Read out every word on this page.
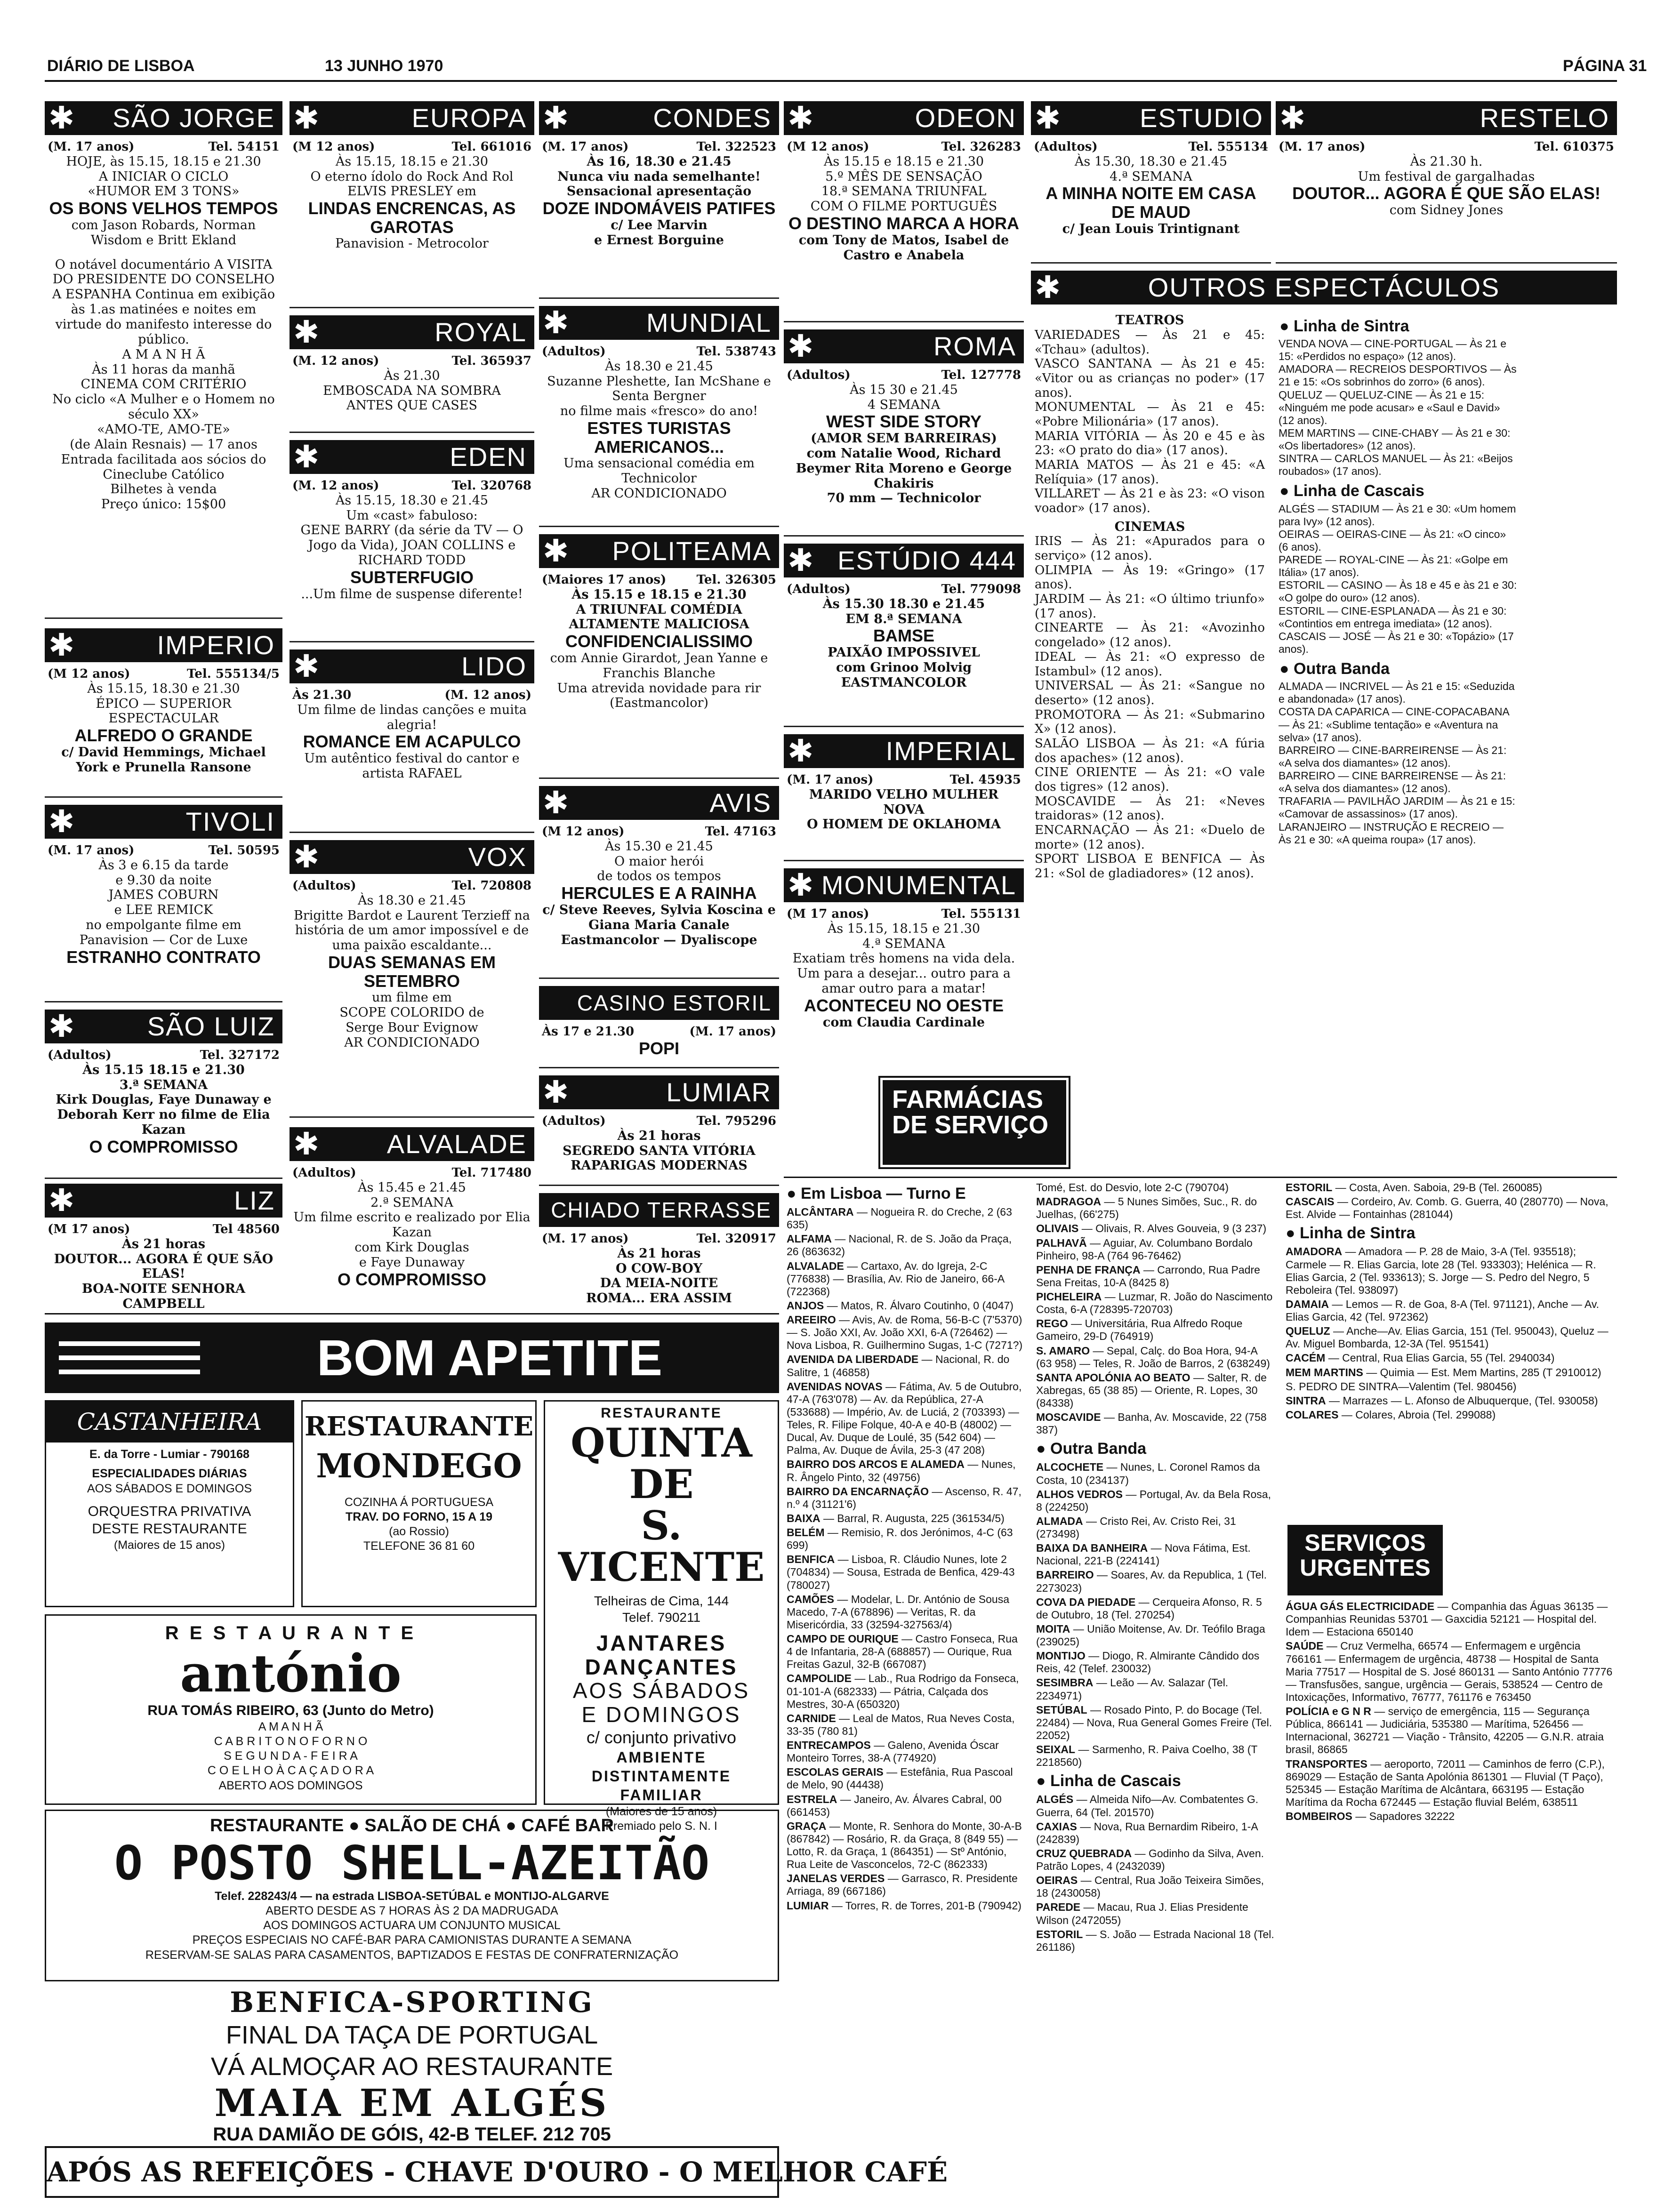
DIÁRIO DE LISBOA	13 JUNHO 1970	PÁGINA 31
✱ SÃO JORGE
(M. 17 anos)	Tel. 54151
HOJE, às 15.15, 18.15 e 21.30
A INICIAR O CICLO
«HUMOR EM 3 TONS»
OS BONS VELHOS TEMPOS
com Jason Robards, Norman Wisdom e Britt Ekland
O notável documentário A VISITA DO PRESIDENTE DO CONSELHO A ESPANHA Continua em exibição às 1.as matinées e noites em virtude do manifesto interesse do público.
A M A N H Ã
Às 11 horas da manhã
CINEMA COM CRITÉRIO
No ciclo «A Mulher e o Homem no século XX»
«AMO-TE, AMO-TE»
(de Alain Resnais) — 17 anos Entrada facilitada aos sócios do Cineclube Católico
Bilhetes à venda
Preço único: 15$00
✱	IMPERIO
(M 12 anos)	Tel. 555134/5
Às 15.15, 18.30 e 21.30
ÉPICO — SUPERIOR
ESPECTACULAR
ALFREDO O GRANDE
c/ David Hemmings, Michael York e Prunella Ransone
✱	TIVOLI
(M. 17 anos)	Tel. 50595
Às 3 e 6.15 da tarde
e 9.30 da noite
JAMES COBURN
e LEE REMICK
no empolgante filme em
Panavision — Cor de Luxe
ESTRANHO CONTRATO
✱	SÃO LUIZ
(Adultos)	Tel. 327172
Às 15.15 18.15 e 21.30
3.ª SEMANA
Kirk Douglas, Faye Dunaway e Deborah Kerr no filme de Elia Kazan
O COMPROMISSO
✱	LIZ
(M 17 anos)	Tel 48560
Às 21 horas
DOUTOR... AGORA É QUE SÃO ELAS!
BOA-NOITE SENHORA CAMPBELL
✱	EUROPA
(M 12 anos)	Tel. 661016
Às 15.15, 18.15 e 21.30
O eterno ídolo do Rock And Rol
ELVIS PRESLEY em
LINDAS ENCRENCAS, AS GAROTAS
Panavision - Metrocolor
✱	ROYAL
(M. 12 anos)	Tel. 365937
Às 21.30
EMBOSCADA NA SOMBRA
ANTES QUE CASES
✱	EDEN
(M. 12 anos)	Tel. 320768
Às 15.15, 18.30 e 21.45
Um «cast» fabuloso:
GENE BARRY (da série da TV — O Jogo da Vida), JOAN COLLINS e RICHARD TODD
SUBTERFUGIO
...Um filme de suspense diferente!
✱	LIDO
Às 21.30	(M. 12 anos)
Um filme de lindas canções e muita alegria!
ROMANCE EM ACAPULCO
Um autêntico festival do cantor e artista RAFAEL
✱	VOX
(Adultos)	Tel. 720808
Às 18.30 e 21.45
Brigitte Bardot e Laurent Terzieff na história de um amor impossível e de uma paixão escaldante...
DUAS SEMANAS EM SETEMBRO
um filme em
SCOPE COLORIDO de
Serge Bour Evignow
AR CONDICIONADO
✱	ALVALADE
(Adultos)	Tel. 717480
Às 15.45 e 21.45
2.ª SEMANA
Um filme escrito e realizado por Elia Kazan
com Kirk Douglas
e Faye Dunaway
O COMPROMISSO
✱	CONDES
(M. 17 anos)	Tel. 322523
Às 16, 18.30 e 21.45
Nunca viu nada semelhante!
Sensacional apresentação
DOZE INDOMÁVEIS PATIFES
c/ Lee Marvin
e Ernest Borguine
✱	MUNDIAL
(Adultos)	Tel. 538743
Às 18.30 e 21.45
Suzanne Pleshette, Ian McShane e Senta Bergner
no filme mais «fresco» do ano!
ESTES TURISTAS AMERICANOS...
Uma sensacional comédia em Technicolor
AR CONDICIONADO
✱ POLITEAMA
(Maiores 17 anos) Tel. 326305
Às 15.15 e 18.15 e 21.30
A TRIUNFAL COMÉDIA
ALTAMENTE MALICIOSA
CONFIDENCIALISSIMO
com Annie Girardot, Jean Yanne e Franchis Blanche
Uma atrevida novidade para rir
(Eastmancolor)
✱	AVIS
(M 12 anos)	Tel. 47163
Às 15.30 e 21.45
O maior herói
de todos os tempos
HERCULES E A RAINHA
c/ Steve Reeves, Sylvia Koscina e Giana Maria Canale
Eastmancolor — Dyaliscope
CASINO ESTORIL
Às 17 e 21.30	(M. 17 anos)
POPI
✱	LUMIAR
(Adultos)	Tel. 795296
Às 21 horas
SEGREDO SANTA VITÓRIA
RAPARIGAS MODERNAS
CHIADO TERRASSE
(M. 17 anos)	Tel. 320917
Às 21 horas
O COW-BOY
DA MEIA-NOITE
ROMA... ERA ASSIM
✱	ODEON
(M 12 anos)	Tel. 326283
Às 15.15 e 18.15 e 21.30
5.º MÊS DE SENSAÇÃO
18.ª SEMANA TRIUNFAL
COM O FILME PORTUGUÊS
O DESTINO MARCA A HORA
com Tony de Matos, Isabel de Castro e Anabela
✱	ROMA
(Adultos)	Tel. 127778
Às 15 30 e 21.45
4 SEMANA
WEST SIDE STORY
(AMOR SEM BARREIRAS)
com Natalie Wood, Richard Beymer Rita Moreno e George Chakiris
70 mm — Technicolor
✱ ESTÚDIO 444
(Adultos)	Tel. 779098
Às 15.30 18.30 e 21.45
EM 8.ª SEMANA
BAMSE
PAIXÃO IMPOSSIVEL
com Grinoo Molvig
EASTMANCOLOR
✱	IMPERIAL
(M. 17 anos)	Tel. 45935
MARIDO VELHO MULHER NOVA
O HOMEM DE OKLAHOMA
✱ MONUMENTAL
(M 17 anos)	Tel. 555131
Às 15.15, 18.15 e 21.30
4.ª SEMANA
Exatiam três homens na vida dela. Um para a desejar... outro para a amar outro para a matar!
ACONTECEU NO OESTE
com Claudia Cardinale
✱	ESTUDIO
(Adultos)	Tel. 555134
Às 15.30, 18.30 e 21.45
4.ª SEMANA
A MINHA NOITE EM CASA DE MAUD
c/ Jean Louis Trintignant
✱	RESTELO
(M. 17 anos)	Tel. 610375
Às 21.30 h.
Um festival de gargalhadas
DOUTOR... AGORA É QUE SÃO ELAS!
com Sidney Jones
✱	OUTROS ESPECTÁCULOS
TEATROS
VARIEDADES — Às 21 e 45: «Tchau» (adultos).
VASCO SANTANA — Às 21 e 45: «Vitor ou as crianças no poder» (17 anos).
MONUMENTAL — Às 21 e 45: «Pobre Milionária» (17 anos).
MARIA VITÓRIA — Às 20 e 45 e às 23: «O prato do dia» (17 anos).
MARIA MATOS — Às 21 e 45: «A Relíquia» (17 anos).
VILLARET — Às 21 e às 23: «O vison voador» (17 anos).
CINEMAS
IRIS — Às 21: «Apurados para o serviço» (12 anos).
OLIMPIA — Às 19: «Gringo» (17 anos).
JARDIM — Às 21: «O último triunfo» (17 anos).
CINEARTE — Às 21: «Avozinho congelado» (12 anos).
IDEAL — Às 21: «O expresso de Istambul» (12 anos).
UNIVERSAL — Às 21: «Sangue no deserto» (12 anos).
PROMOTORA — Às 21: «Submarino X» (12 anos).
SALÃO LISBOA — Às 21: «A fúria dos apaches» (12 anos).
CINE ORIENTE — Às 21: «O vale dos tigres» (12 anos).
MOSCAVIDE — Às 21: «Neves traidoras» (12 anos).
ENCARNAÇÃO — Às 21: «Duelo de morte» (12 anos).
SPORT LISBOA E BENFICA — Às 21: «Sol de gladiadores» (12 anos).
● Linha de Sintra
VENDA NOVA — CINE-PORTUGAL — Às 21 e 15: «Perdidos no espaço» (12 anos).
AMADORA — RECREIOS DESPORTIVOS — Às 21 e 15: «Os sobrinhos do zorro» (6 anos).
QUELUZ — QUELUZ-CINE — Às 21 e 15: «Ninguém me pode acusar» e «Saul e David» (12 anos).
MEM MARTINS — CINE-CHABY — Às 21 e 30: «Os libertadores» (12 anos).
SINTRA — CARLOS MANUEL — Às 21: «Beijos roubados» (17 anos).
● Linha de Cascais
ALGÉS — STADIUM — Às 21 e 30: «Um homem para Ivy» (12 anos).
OEIRAS — OEIRAS-CINE — Às 21: «O cinco» (6 anos).
PAREDE — ROYAL-CINE — Às 21: «Golpe em Itália» (17 anos).
ESTORIL — CASINO — Às 18 e 45 e às 21 e 30: «O golpe do ouro» (12 anos).
ESTORIL — CINE-ESPLANADA — Às 21 e 30: «Contintios em entrega imediata» (12 anos).
CASCAIS — JOSÉ — Às 21 e 30: «Topázio» (17 anos).
● Outra Banda
ALMADA — INCRIVEL — Às 21 e 15: «Seduzida e abandonada» (17 anos).
COSTA DA CAPARICA — CINE-COPACABANA — Às 21: «Sublime tentação» e «Aventura na selva» (17 anos).
BARREIRO — CINE-BARREIRENSE — Às 21: «A selva dos diamantes» (12 anos).
BARREIRO — CINE BARREIRENSE — Às 21: «A selva dos diamantes» (12 anos).
TRAFARIA — PAVILHÃO JARDIM — Às 21 e 15: «Camovar de assassinos» (17 anos).
LARANJEIRO — INSTRUÇÃO E RECREIO — Às 21 e 30: «A queima roupa» (17 anos).
FARMÁCIAS DE SERVIÇO
● Em Lisboa — Turno E
ALCÂNTARA — Nogueira R. do Creche, 2 (63 635)
ALFAMA — Nacional, R. de S. João da Praça, 26 (863632)
ALVALADE — Cartaxo, Av. do Igreja, 2-C (776838) — Brasília, Av. Rio de Janeiro, 66-A (722368)
ANJOS — Matos, R. Álvaro Coutinho, 0 (4047)
AREEIRO — Avis, Av. de Roma, 56-B-C (7'5370) — S. João XXI, Av. João XXI, 6-A (726462) — Nova Lisboa, R. Guilhermino Sugas, 1-C (7271?)
AVENIDA DA LIBERDADE — Nacional, R. do Salitre, 1 (46858)
AVENIDAS NOVAS — Fátima, Av. 5 de Outubro, 47-A (763'078) — Av. da República, 27-A (533688) — Império, Av. de Luciá, 2 (703393) — Teles, R. Filipe Folque, 40-A e 40-B (48002) — Ducal, Av. Duque de Loulé, 35 (542 604) — Palma, Av. Duque de Ávila, 25-3 (47 208)
BAIRRO DOS ARCOS E ALAMEDA — Nunes, R. Ângelo Pinto, 32 (49756)
BAIRRO DA ENCARNAÇÃO — Ascenso, R. 47, n.º 4 (31121'6)
BAIXA — Barral, R. Augusta, 225 (361534/5)
BELÉM — Remisio, R. dos Jerónimos, 4-C (63 699)
BENFICA — Lisboa, R. Cláudio Nunes, lote 2 (704834) — Sousa, Estrada de Benfica, 429-43 (780027)
CAMÕES — Modelar, L. Dr. António de Sousa Macedo, 7-A (678896) — Veritas, R. da Misericórdia, 33 (32594-327563/4)
CAMPO DE OURIQUE — Castro Fonseca, Rua 4 de Infantaria, 28-A (688857) — Ourique, Rua Freitas Gazul, 32-B (667087)
CAMPOLIDE — Lab., Rua Rodrigo da Fonseca, 01-101-A (682333) — Pátria, Calçada dos Mestres, 30-A (650320)
CARNIDE — Leal de Matos, Rua Neves Costa, 33-35 (780 81)
ENTRECAMPOS — Galeno, Avenida Óscar Monteiro Torres, 38-A (774920)
ESCOLAS GERAIS — Estefânia, Rua Pascoal de Melo, 90 (44438)
ESTRELA — Janeiro, Av. Álvares Cabral, 00 (661453)
GRAÇA — Monte, R. Senhora do Monte, 30-A-B (867842) — Rosário, R. da Graça, 8 (849 55) — Lotto, R. da Graça, 1 (864351) — Stº António, Rua Leite de Vasconcelos, 72-C (862333)
JANELAS VERDES — Garrasco, R. Presidente Arriaga, 89 (667186)
LUMIAR — Torres, R. de Torres, 201-B (790942)
Tomé, Est. do Desvio, lote 2-C (790704)
MADRAGOA — 5 Nunes Simões, Suc., R. do Juelhas, (66'275)
OLIVAIS — Olivais, R. Alves Gouveia, 9 (3 237)
PALHAVÃ — Aguiar, Av. Columbano Bordalo Pinheiro, 98-A (764 96-76462)
PENHA DE FRANÇA — Carrondo, Rua Padre Sena Freitas, 10-A (8425 8)
PICHELEIRA — Luzmar, R. João do Nascimento Costa, 6-A (728395-720703)
REGO — Universitária, Rua Alfredo Roque Gameiro, 29-D (764919)
S. AMARO — Sepal, Calç. do Boa Hora, 94-A (63 958) — Teles, R. João de Barros, 2 (638249)
SANTA APOLÓNIA AO BEATO — Salter, R. de Xabregas, 65 (38 85) — Oriente, R. Lopes, 30 (84338)
MOSCAVIDE — Banha, Av. Moscavide, 22 (758 387)
● Outra Banda
ALCOCHETE — Nunes, L. Coronel Ramos da Costa, 10 (234137)
ALHOS VEDROS — Portugal, Av. da Bela Rosa, 8 (224250)
ALMADA — Cristo Rei, Av. Cristo Rei, 31 (273498)
BAIXA DA BANHEIRA — Nova Fátima, Est. Nacional, 221-B (224141)
BARREIRO — Soares, Av. da Republica, 1 (Tel. 2273023)
COVA DA PIEDADE — Cerqueira Afonso, R. 5 de Outubro, 18 (Tel. 270254)
MOITA — União Moitense, Av. Dr. Teófilo Braga (239025)
MONTIJO — Diogo, R. Almirante Cândido dos Reis, 42 (Telef. 230032)
SESIMBRA — Leão — Av. Salazar (Tel. 2234971)
SETÚBAL — Rosado Pinto, P. do Bocage (Tel. 22484) — Nova, Rua General Gomes Freire (Tel. 22052)
SEIXAL — Sarmenho, R. Paiva Coelho, 38 (T 2218560)
● Linha de Cascais
ALGÉS — Almeida Nifo—Av. Combatentes G. Guerra, 64 (Tel. 201570)
CAXIAS — Nova, Rua Bernardim Ribeiro, 1-A (242839)
CRUZ QUEBRADA — Godinho da Silva, Aven. Patrão Lopes, 4 (2432039)
OEIRAS — Central, Rua João Teixeira Simões, 18 (2430058)
PAREDE — Macau, Rua J. Elias Presidente Wilson (2472055)
ESTORIL — S. João — Estrada Nacional 18 (Tel. 261186)
ESTORIL — Costa, Aven. Saboia, 29-B (Tel. 260085)
CASCAIS — Cordeiro, Av. Comb. G. Guerra, 40 (280770) — Nova, Est. Alvide — Fontainhas (281044)
● Linha de Sintra
AMADORA — Amadora — P. 28 de Maio, 3-A (Tel. 935518); Carmele — R. Elias Garcia, lote 28 (Tel. 933303); Helénica — R. Elias Garcia, 2 (Tel. 933613); S. Jorge — S. Pedro del Negro, 5 Reboleira (Tel. 938097)
DAMAIA — Lemos — R. de Goa, 8-A (Tel. 971121), Anche — Av. Elias Garcia, 42 (Tel. 972362)
QUELUZ — Anche—Av. Elias Garcia, 151 (Tel. 950043), Queluz — Av. Miguel Bombarda, 12-3A (Tel. 951541)
CACÉM — Central, Rua Elias Garcia, 55 (Tel. 2940034)
MEM MARTINS — Quimia — Est. Mem Martins, 285 (T 2910012)
S. PEDRO DE SINTRA—Valentim (Tel. 980456)
SINTRA — Marrazes — L. Afonso de Albuquerque, (Tel. 930058)
COLARES — Colares, Abroia (Tel. 299088)
SERVIÇOS URGENTES
ÁGUA GÁS ELECTRICIDADE — Companhia das Águas 36135 — Companhias Reunidas 53701 — Gaxcidia 52121 — Hospital del. Idem — Estaciona 650140
SAÚDE — Cruz Vermelha, 66574 — Enfermagem e urgência 766161 — Enfermagem de urgência, 48738 — Hospital de Santa Maria 77517 — Hospital de S. José 860131 — Santo António 77776 — Transfusões, sangue, urgência — Gerais, 538524 — Centro de Intoxicações, Informativo, 76777, 761176 e 763450
POLÍCIA e G N R — serviço de emergência, 115 — Segurança Pública, 866141 — Judiciária, 535380 — Marítima, 526456 — Internacional, 362721 — Viação - Trânsito, 42205 — G.N.R. atraia brasil, 86865
TRANSPORTES — aeroporto, 72011 — Caminhos de ferro (C.P.), 869029 — Estação de Santa Apolónia 861301 — Fluvial (T Paço), 525345 — Estação Marítima de Alcântara, 663195 — Estação Marítima da Rocha 672445 — Estação fluvial Belém, 638511
BOMBEIROS — Sapadores 32222
BOM APETITE
CASTANHEIRA
E. da Torre - Lumiar - 790168
ESPECIALIDADES DIÁRIAS
AOS SÁBADOS E DOMINGOS
ORQUESTRA PRIVATIVA
DESTE RESTAURANTE
(Maiores de 15 anos)
RESTAURANTE
MONDEGO
COZINHA Á PORTUGUESA
TRAV. DO FORNO, 15 A 19
(ao Rossio)
TELEFONE 36 81 60
RESTAURANTE
QUINTA DE
S. VICENTE
Telheiras de Cima, 144
Telef. 790211
JANTARES
DANÇANTES
AOS SÁBADOS
E DOMINGOS
c/ conjunto privativo
AMBIENTE
DISTINTAMENTE
FAMILIAR
(Maiores de 15 anos)
Premiado pelo S. N. I
R E S T A U R A N T E
antónio
RUA TOMÁS RIBEIRO, 63 (Junto do Metro)
A M A N H Ã
C A B R I T O N O F O R N O
S E G U N D A - F E I R A
C O E L H O À C A Ç A D O R A
ABERTO AOS DOMINGOS
RESTAURANTE ● SALÃO DE CHÁ ● CAFÉ BAR
O POSTO SHELL-AZEITÃO
Telef. 228243/4 — na estrada LISBOA-SETÚBAL e MONTIJO-ALGARVE
ABERTO DESDE AS 7 HORAS ÀS 2 DA MADRUGADA
AOS DOMINGOS ACTUARA UM CONJUNTO MUSICAL
PREÇOS ESPECIAIS NO CAFÉ-BAR PARA CAMIONISTAS DURANTE A SEMANA
RESERVAM-SE SALAS PARA CASAMENTOS, BAPTIZADOS E FESTAS DE CONFRATERNIZAÇÃO
BENFICA-SPORTING
FINAL DA TAÇA DE PORTUGAL
VÁ ALMOÇAR AO RESTAURANTE
MAIA EM ALGÉS
RUA DAMIÃO DE GÓIS, 42-B TELEF. 212 705
APÓS AS REFEIÇÕES - CHAVE D'OURO - O MELHOR CAFÉ
